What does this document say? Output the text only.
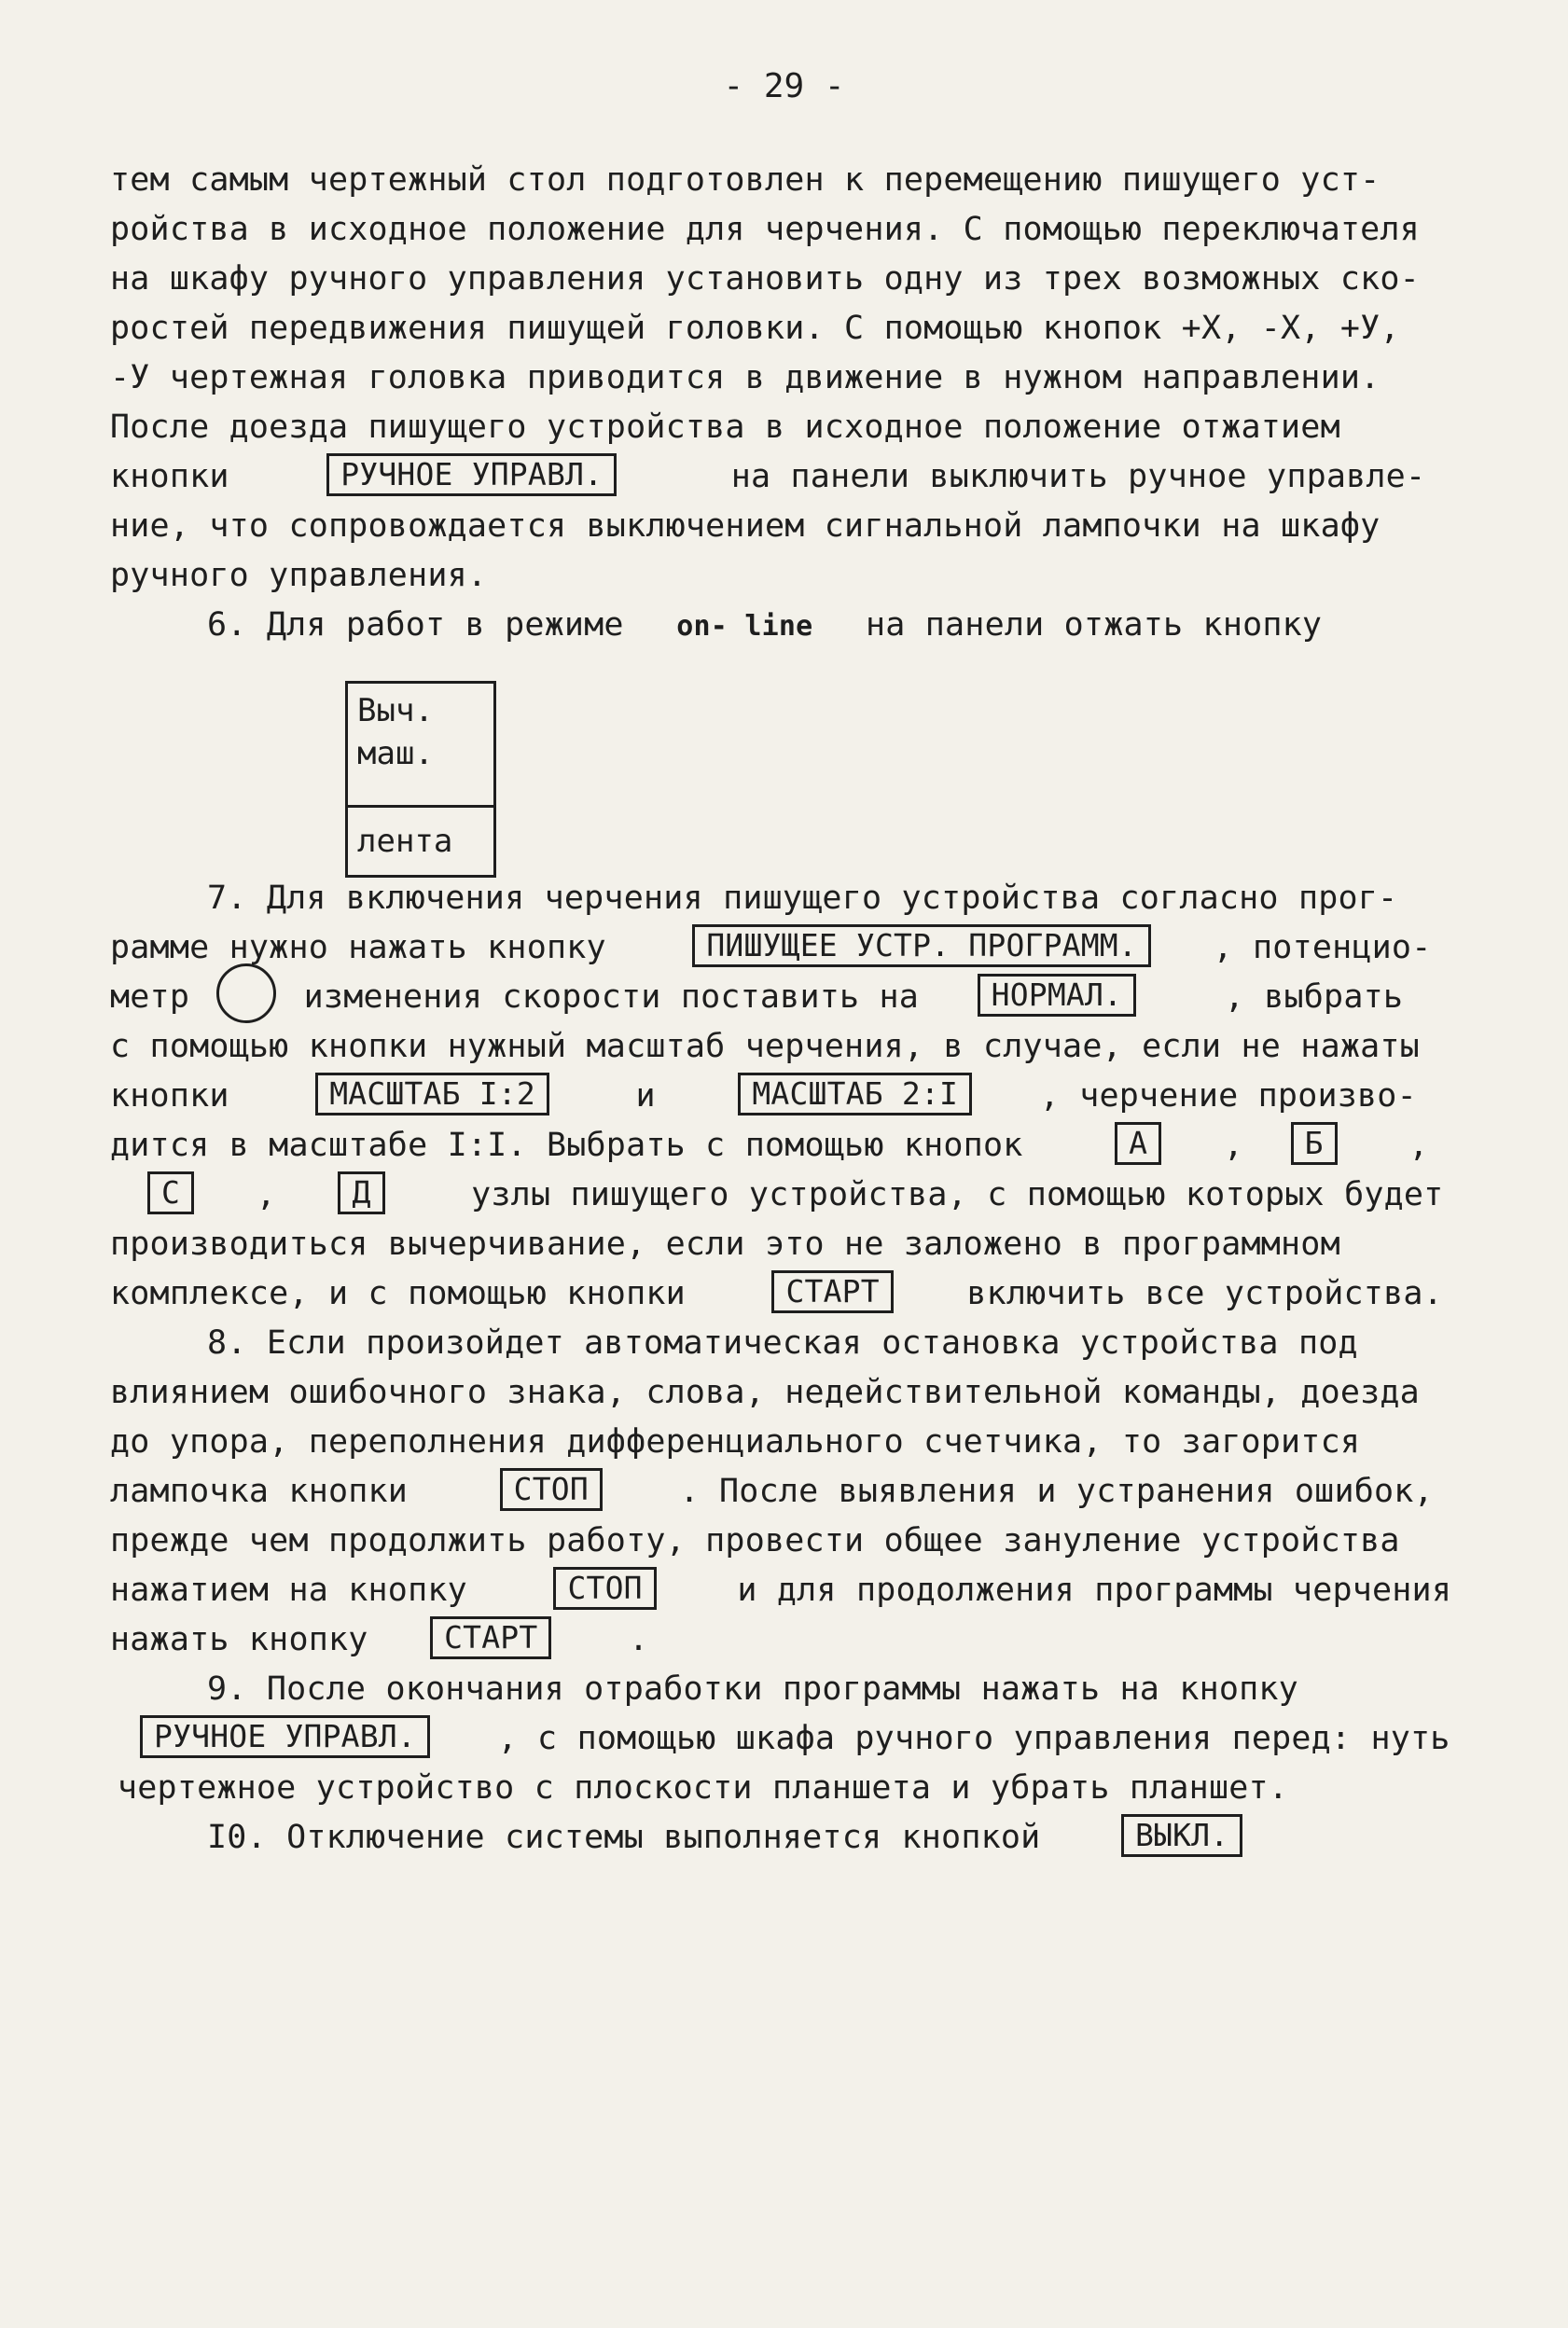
- 29 -
тем самым чертежный стол подготовлен к перемещению пишущего уст-
ройства в исходное положение для черчения. С помощью переключателя
на шкафу ручного управления установить одну из трех возможных ско-
ростей передвижения пишущей головки. С помощью кнопок +Х, -Х, +У,
-У чертежная головка приводится в движение в нужном направлении.
После доезда пишущего устройства в исходное положение отжатием
кнопки	РУЧНОЕ УПРАВЛ.	на панели выключить ручное управле-
ние, что сопровождается выключением сигнальной лампочки на шкафу
ручного управления.
6. Для работ в режиме on- line на панели отжать кнопку
Выч.
маш.
лента
7. Для включения черчения пишущего устройства согласно прог-
рамме нужно нажать кнопку	ПИШУЩЕЕ УСТР. ПРОГРАММ. , потенцио-
метр	изменения скорости поставить на НОРМАЛ.	, выбрать
с помощью кнопки нужный масштаб черчения, в случае, если не нажаты
кнопки	МАСШТАБ I:2	и	МАСШТАБ 2:I	, черчение произво-
дится в масштабе I:I. Выбрать с помощью кнопок	А , Б	,
С , Д	узлы пишущего устройства, с помощью которых будет
производиться вычерчивание, если это не заложено в программном
комплексе, и с помощью кнопки	СТАРТ	включить все устройства.
8. Если произойдет автоматическая остановка устройства под
влиянием ошибочного знака, слова, недействительной команды, доезда
до упора, переполнения дифференциального счетчика, то загорится
лампочка кнопки	СТОП	. После выявления и устранения ошибок,
прежде чем продолжить работу, провести общее зануление устройства
нажатием на кнопку	СТОП	и для продолжения программы черчения
нажать кнопку СТАРТ	.
9. После окончания отработки программы нажать на кнопку
РУЧНОЕ УПРАВЛ.	, с помощью шкафа ручного управления перед: нуть
чертежное устройство с плоскости планшета и убрать планшет.
I0. Отключение системы выполняется кнопкой	ВЫКЛ.
